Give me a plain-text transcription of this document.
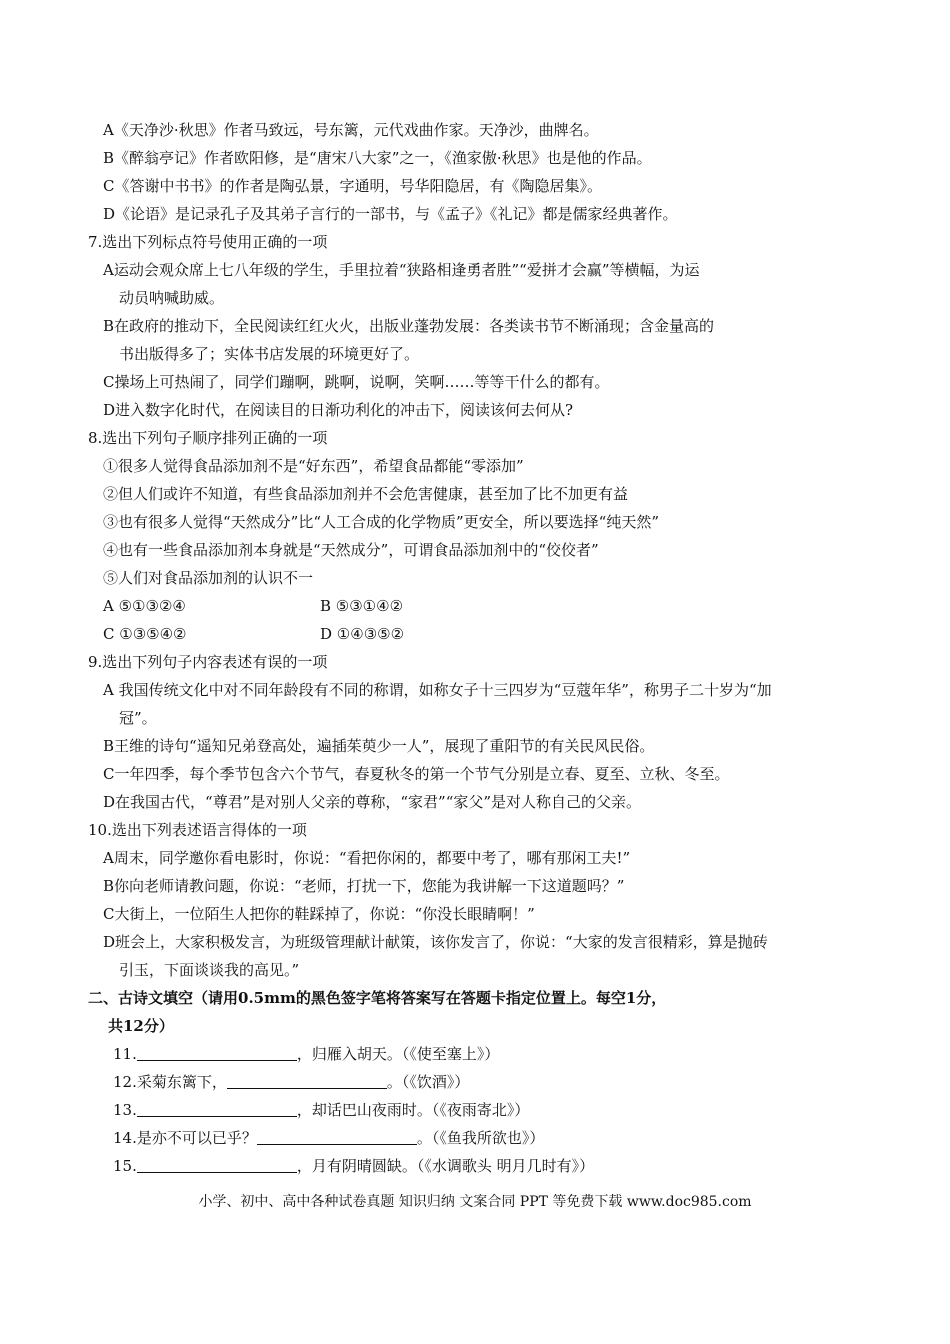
A《天净沙·秋思》作者马致远，号东篱，元代戏曲作家。天净沙，曲牌名。
B《醉翁亭记》作者欧阳修，是“唐宋八大家”之一，《渔家傲·秋思》也是他的作品。
C《答谢中书书》的作者是陶弘景，字通明，号华阳隐居，有《陶隐居集》。
D《论语》是记录孔子及其弟子言行的一部书，与《孟子》《礼记》都是儒家经典著作。
7.选出下列标点符号使用正确的一项
A运动会观众席上七八年级的学生，手里拉着“狭路相逢勇者胜”“爱拼才会赢”等横幅，为运
动员呐喊助威。
B在政府的推动下，全民阅读红红火火，出版业蓬勃发展：各类读书节不断涌现；含金量高的
书出版得多了；实体书店发展的环境更好了。
C操场上可热闹了，同学们蹦啊，跳啊，说啊，笑啊……等等干什么的都有。
D进入数字化时代，在阅读目的日渐功利化的冲击下，阅读该何去何从?
8.选出下列句子顺序排列正确的一项
①很多人觉得食品添加剂不是“好东西”，希望食品都能“零添加”
②但人们或许不知道，有些食品添加剂并不会危害健康，甚至加了比不加更有益
③也有很多人觉得“天然成分”比“人工合成的化学物质”更安全，所以要选择“纯天然”
④也有一些食品添加剂本身就是“天然成分”，可谓食品添加剂中的“佼佼者”
⑤人们对食品添加剂的认识不一
A ⑤①③②④	B ⑤③①④②
C ①③⑤④②	D ①④③⑤②
9.选出下列句子内容表述有误的一项
A 我国传统文化中对不同年龄段有不同的称谓，如称女子十三四岁为“豆蔻年华”，称男子二十岁为“加
冠”。
B王维的诗句“遥知兄弟登高处，遍插茱萸少一人”，展现了重阳节的有关民风民俗。
C一年四季，每个季节包含六个节气，春夏秋冬的第一个节气分别是立春、夏至、立秋、冬至。
D在我国古代，“尊君”是对别人父亲的尊称，“家君”“家父”是对人称自己的父亲。
10.选出下列表述语言得体的一项
A周末，同学邀你看电影时，你说：“看把你闲的，都要中考了，哪有那闲工夫!”
B你向老师请教问题，你说：“老师，打扰一下，您能为我讲解一下这道题吗？”
C大街上，一位陌生人把你的鞋踩掉了，你说：“你没长眼睛啊！”
D班会上，大家积极发言，为班级管理献计献策，该你发言了，你说：“大家的发言很精彩，算是抛砖
引玉，下面谈谈我的高见。”
二、古诗文填空（请用0.5mm的黑色签字笔将答案写在答题卡指定位置上。每空1分，
共12分）
11.	，归雁入胡天。（《使至塞上》）
12.采菊东篱下，	。（《饮酒》）
13.	，却话巴山夜雨时。（《夜雨寄北》）
14.是亦不可以已乎？	。（《鱼我所欲也》）
15.	，月有阴晴圆缺。（《水调歌头 明月几时有》）
小学、初中、高中各种试卷真题 知识归纳 文案合同 PPT 等免费下载 www.doc985.com
